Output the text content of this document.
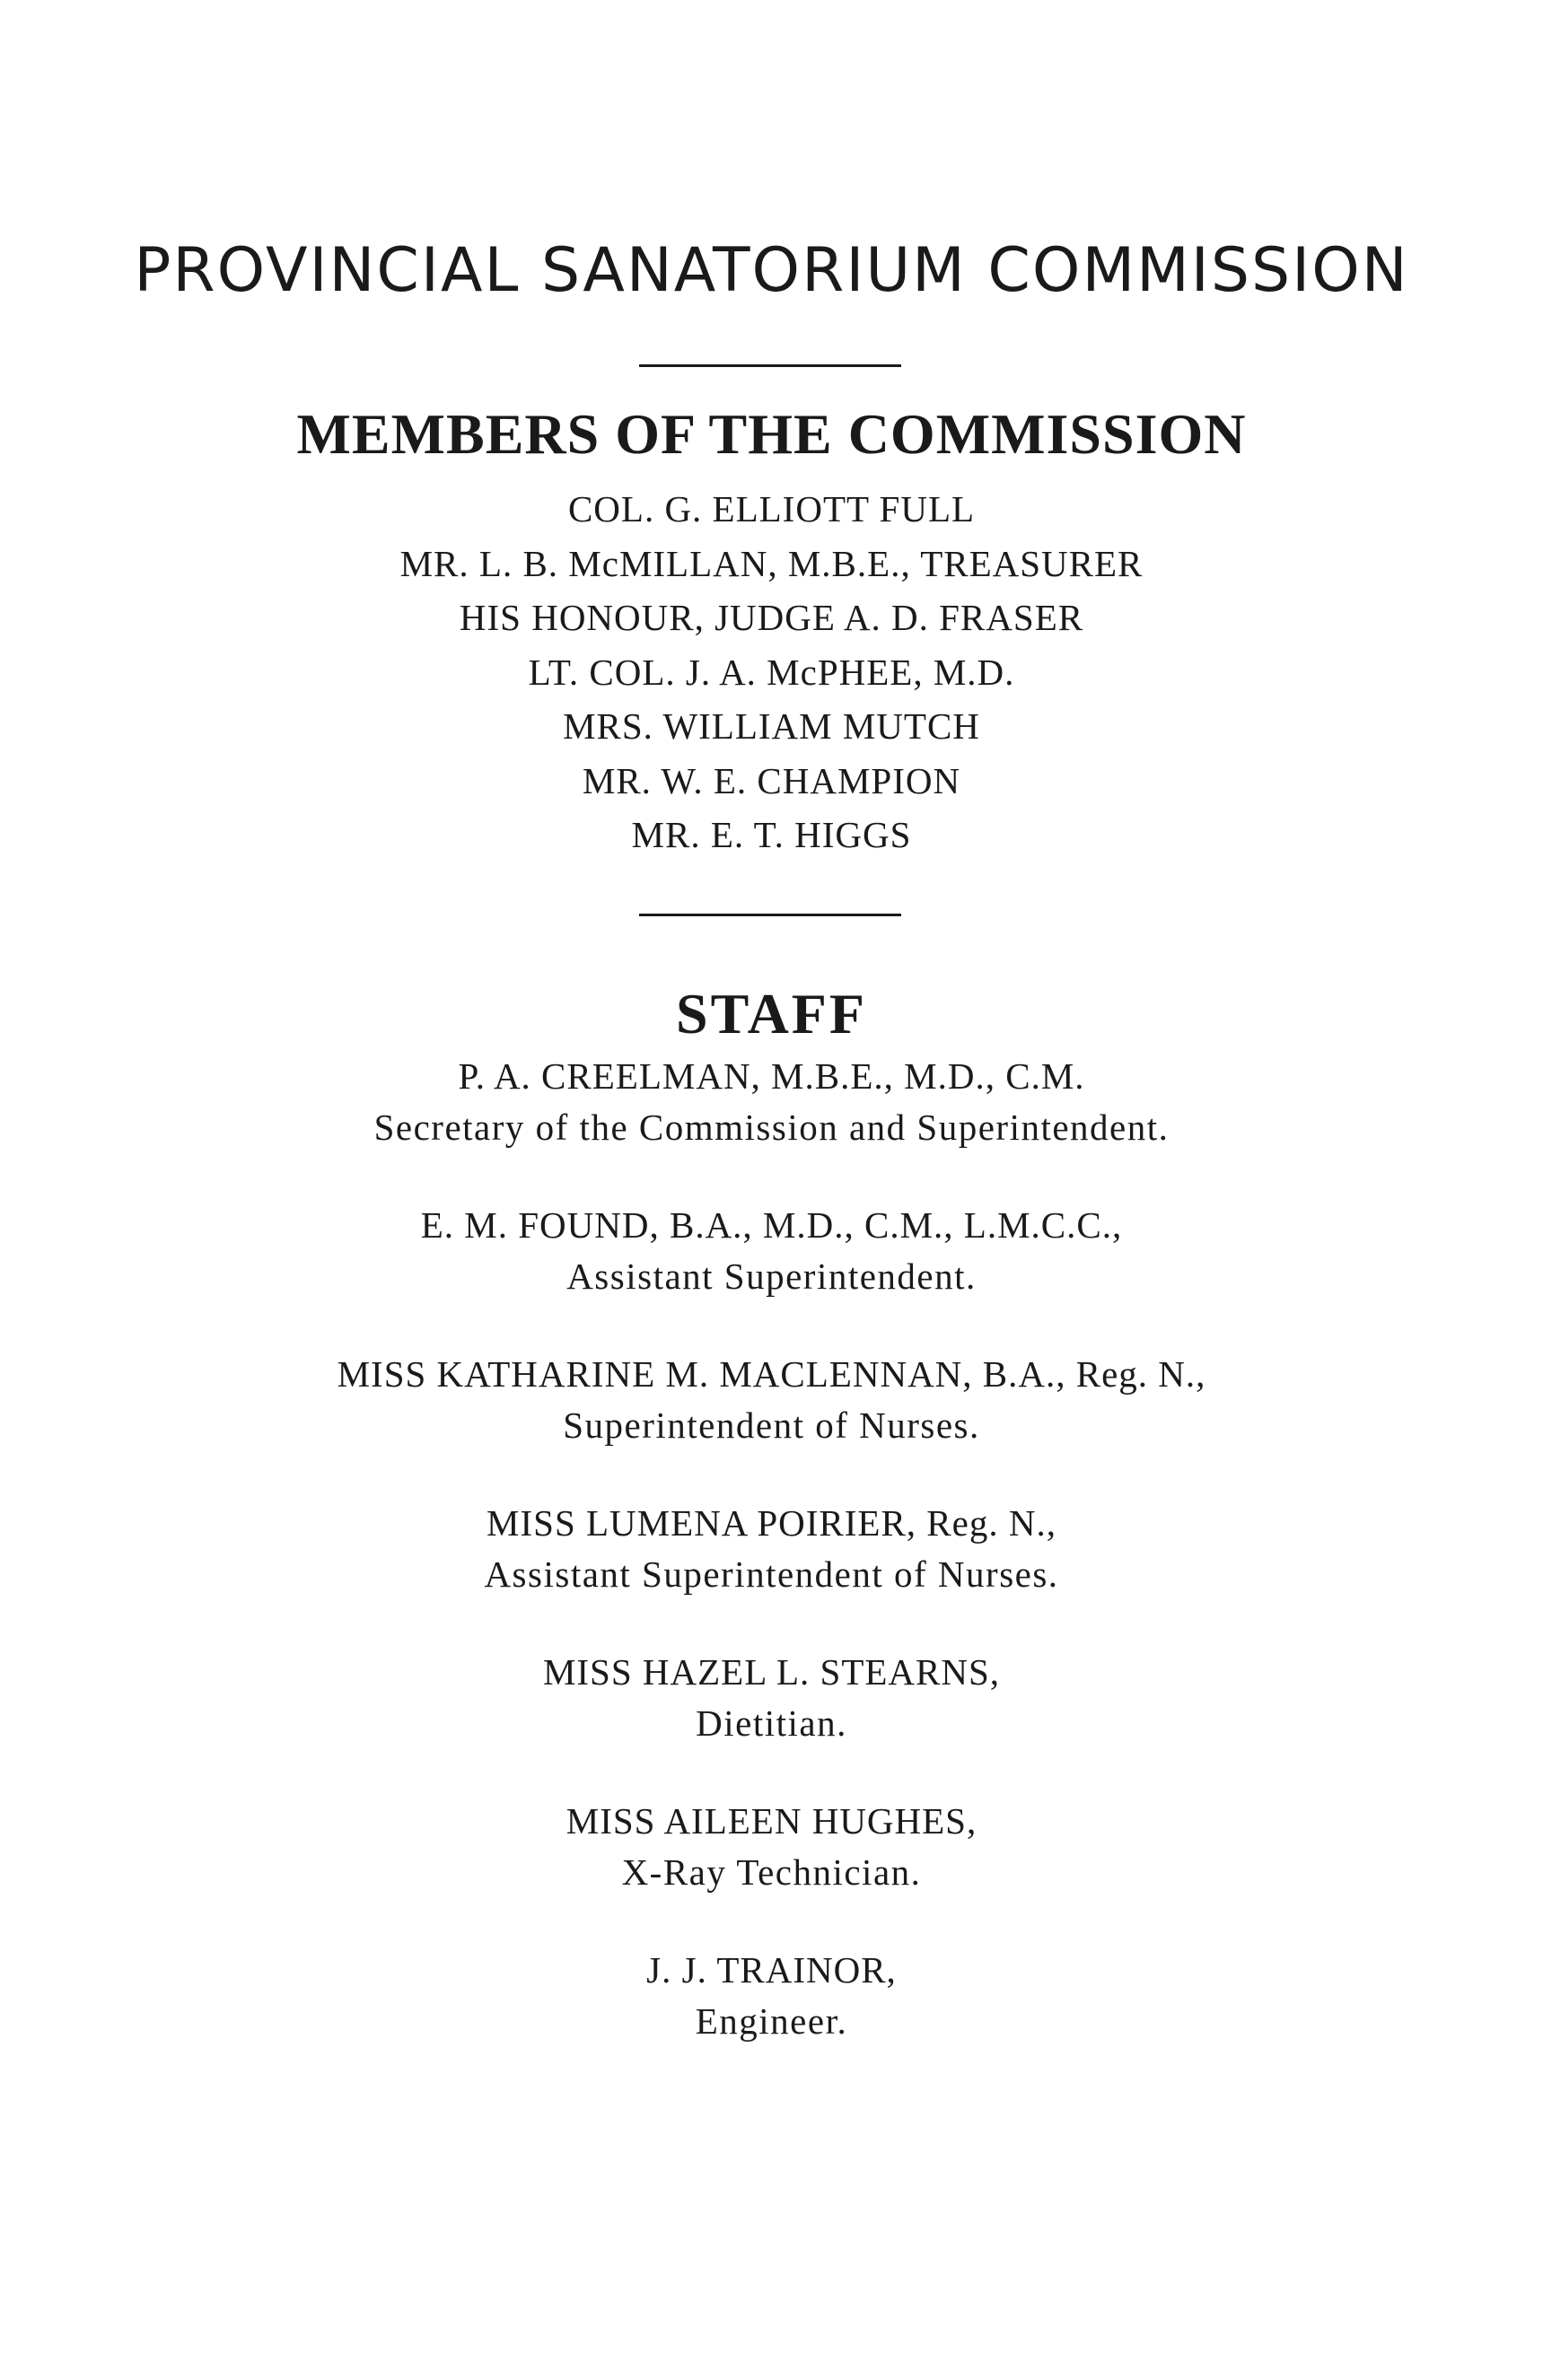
PROVINCIAL SANATORIUM COMMISSION
MEMBERS OF THE COMMISSION
COL. G. ELLIOTT FULL
MR. L. B. McMILLAN, M.B.E., TREASURER
HIS HONOUR, JUDGE A. D. FRASER
LT. COL. J. A. McPHEE, M.D.
MRS. WILLIAM MUTCH
MR. W. E. CHAMPION
MR. E. T. HIGGS
STAFF
P. A. CREELMAN, M.B.E., M.D., C.M.
Secretary of the Commission and Superintendent.
E. M. FOUND, B.A., M.D., C.M., L.M.C.C.,
Assistant Superintendent.
MISS KATHARINE M. MACLENNAN, B.A., Reg. N.,
Superintendent of Nurses.
MISS LUMENA POIRIER, Reg. N.,
Assistant Superintendent of Nurses.
MISS HAZEL L. STEARNS,
Dietitian.
MISS AILEEN HUGHES,
X-Ray Technician.
J. J. TRAINOR,
Engineer.
